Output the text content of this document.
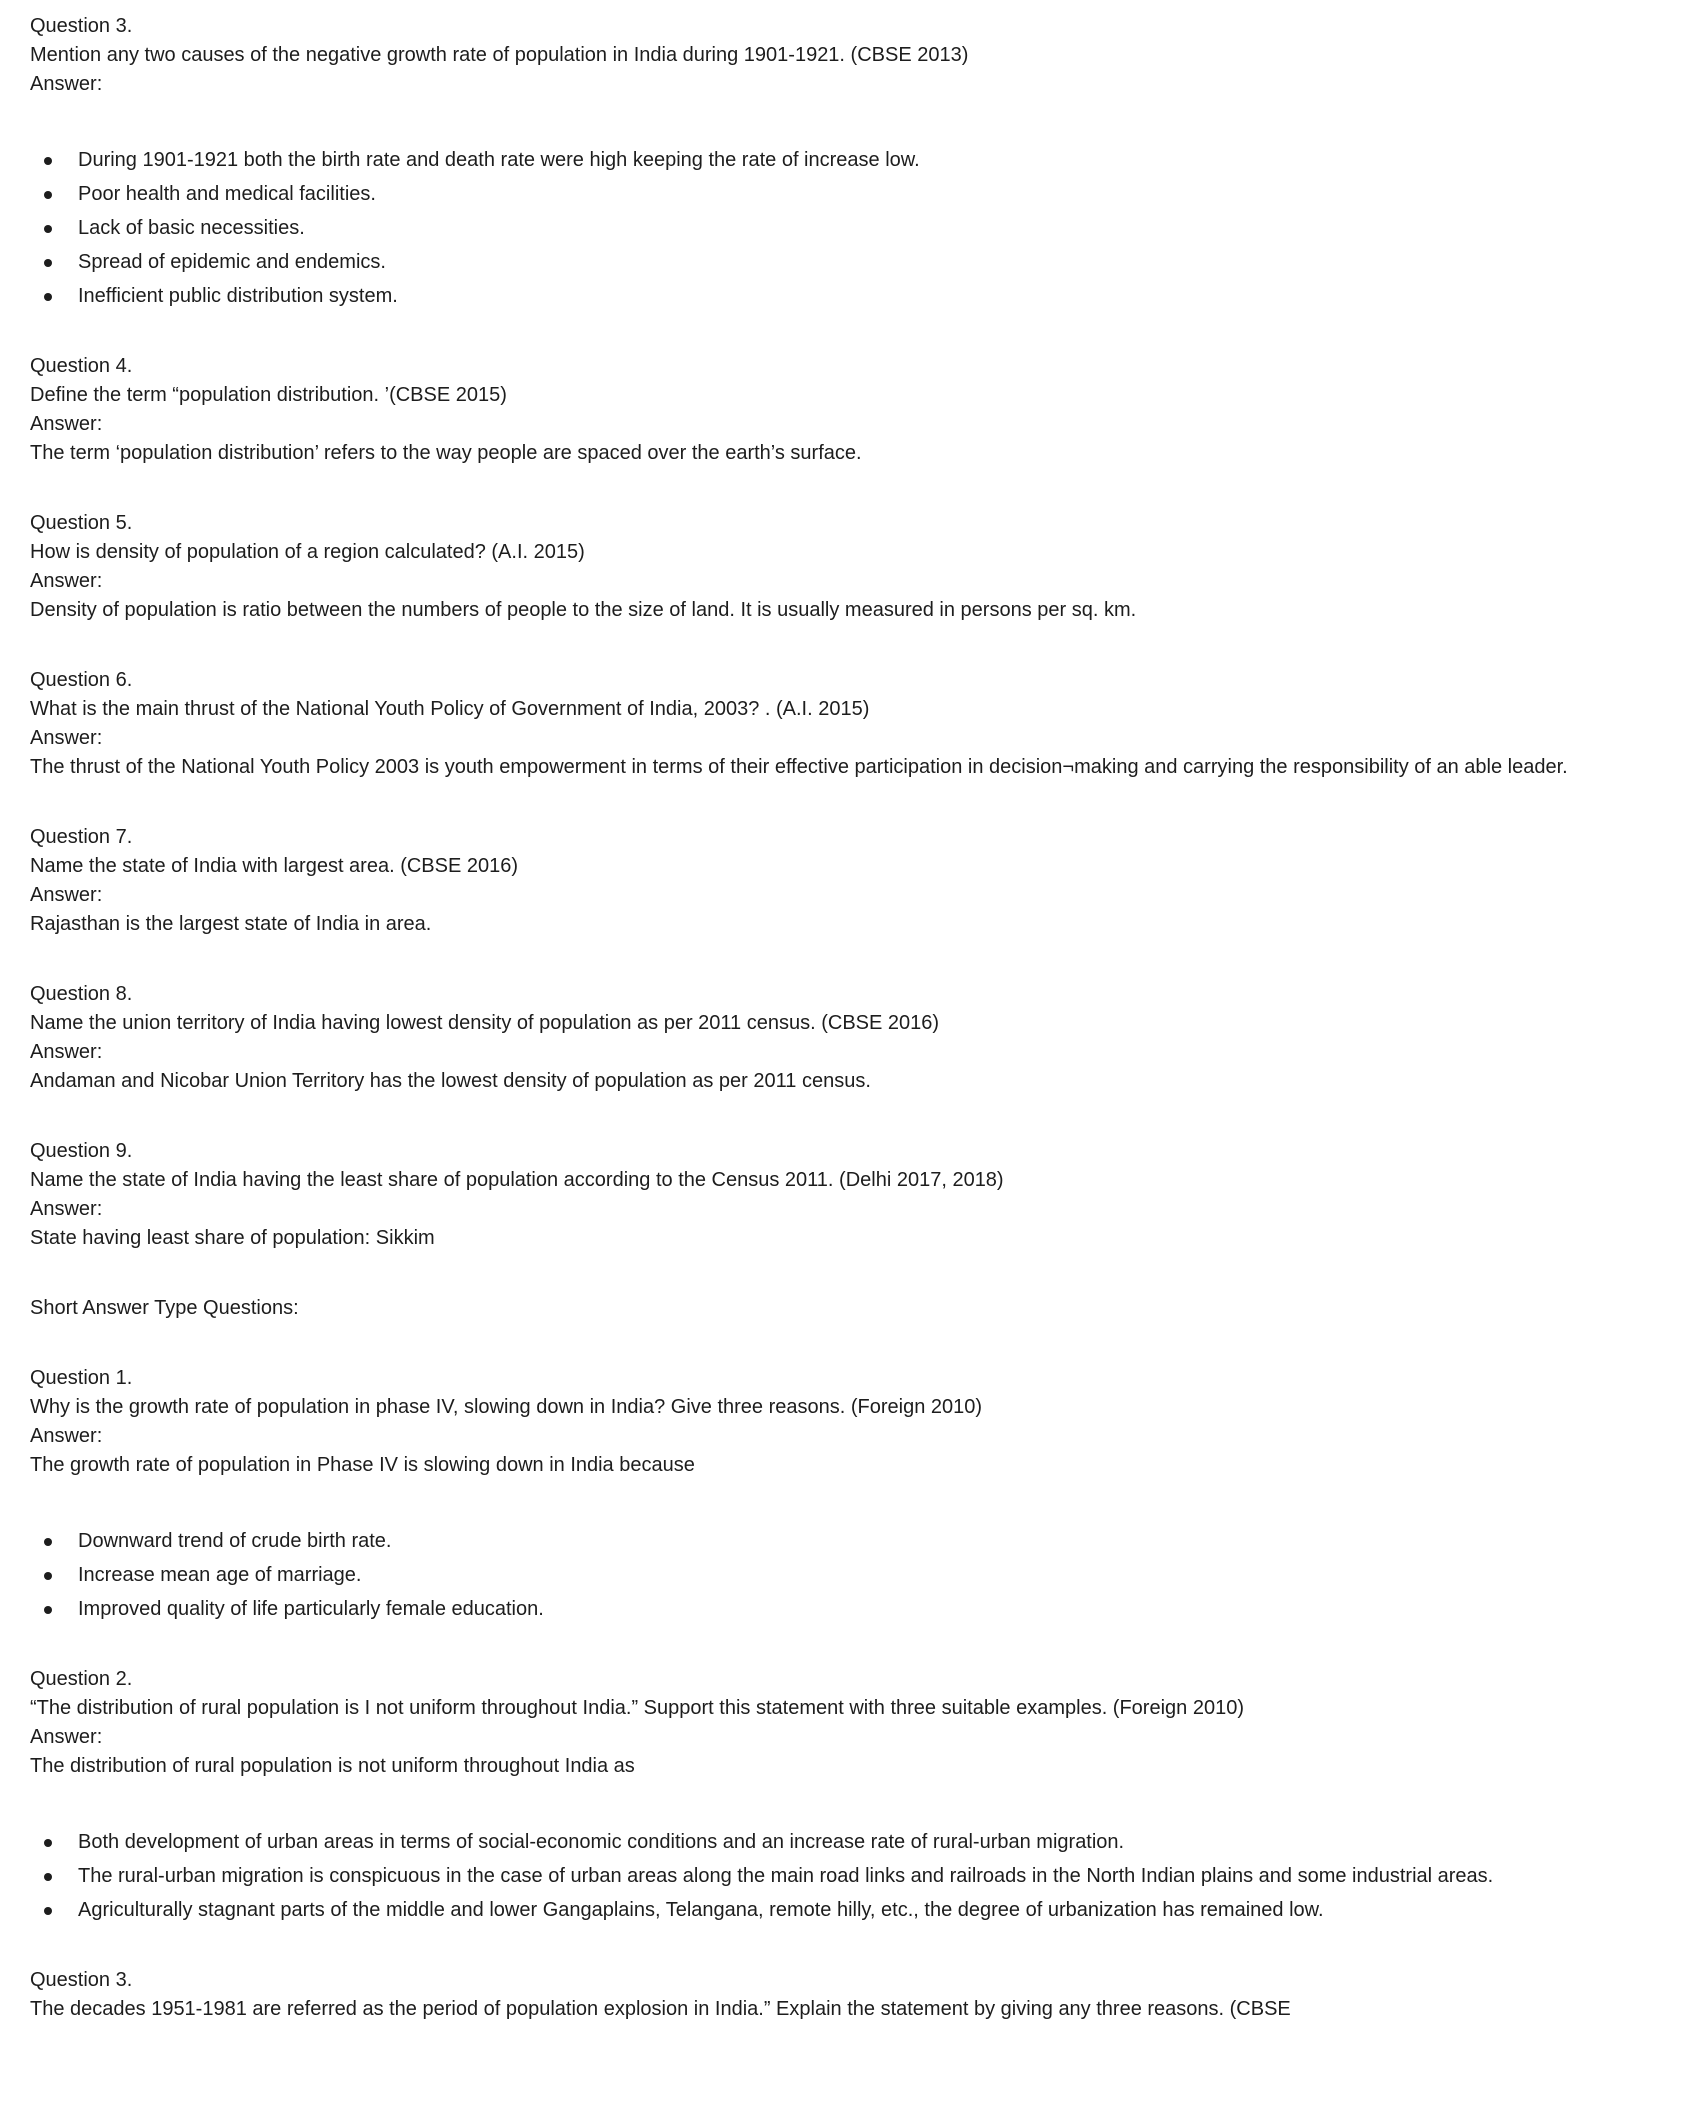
Question 3.

Mention any two causes of the negative growth rate of population in India during 1901-1921. (CBSE 2013)

Answer:

During 1901-1921 both the birth rate and death rate were high keeping the rate of increase low.
Poor health and medical facilities.
Lack of basic necessities.
Spread of epidemic and endemics.
Inefficient public distribution system.

Question 4.

Define the term “population distribution. ’(CBSE 2015)

Answer:

The term ‘population distribution’ refers to the way people are spaced over the earth’s surface.

Question 5.

How is density of population of a region calculated? (A.I. 2015)

Answer:

Density of population is ratio between the numbers of people to the size of land. It is usually measured in persons per sq. km.

Question 6.

What is the main thrust of the National Youth Policy of Government of India, 2003? . (A.I. 2015)

Answer:

The thrust of the National Youth Policy 2003 is youth empowerment in terms of their effective participation in decision¬making and carrying the responsibility of an able leader.

Question 7.

Name the state of India with largest area. (CBSE 2016)

Answer:

Rajasthan is the largest state of India in area.

Question 8.

Name the union territory of India having lowest density of population as per 2011 census. (CBSE 2016)

Answer:

Andaman and Nicobar Union Territory has the lowest density of population as per 2011 census.

Question 9.

Name the state of India having the least share of population according to the Census 2011. (Delhi 2017, 2018)

Answer:

State having least share of population: Sikkim

Short Answer Type Questions:

Question 1.

Why is the growth rate of population in phase IV, slowing down in India? Give three reasons. (Foreign 2010)

Answer:

The growth rate of population in Phase IV is slowing down in India because

Downward trend of crude birth rate.
Increase mean age of marriage.
Improved quality of life particularly female education.

Question 2.

“The distribution of rural population is I not uniform throughout India.” Support this statement with three suitable examples. (Foreign 2010)

Answer:

The distribution of rural population is not uniform throughout India as

Both development of urban areas in terms of social-economic conditions and an increase rate of rural-urban migration.
The rural-urban migration is conspicuous in the case of urban areas along the main road links and railroads in the North Indian plains and some industrial areas.
Agriculturally stagnant parts of the middle and lower Gangaplains, Telangana, remote hilly, etc., the degree of urbanization has remained low.

Question 3.

The decades 1951-1981 are referred as the period of population explosion in India.” Explain the statement by giving any three reasons. (CBSE
